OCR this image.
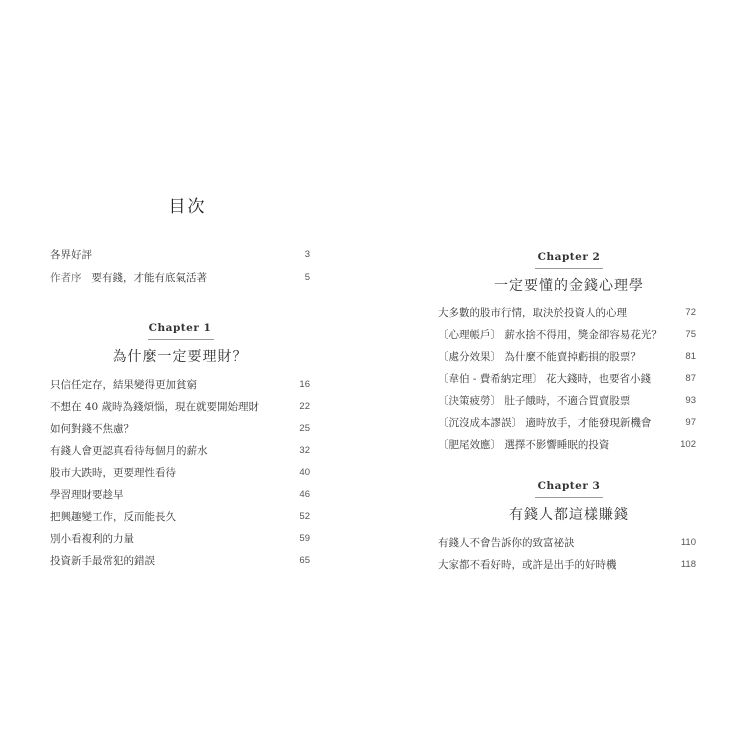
目次
各界好評	3
作者序 要有錢，才能有底氣活著	5
Chapter 1
為什麼一定要理財？
只信任定存，結果變得更加貧窮	16
不想在 40 歲時為錢煩惱，現在就要開始理財	22
如何對錢不焦慮？	25
有錢人會更認真看待每個月的薪水	32
股市大跌時，更要理性看待	40
學習理財要趁早	46
把興趣變工作，反而能長久	52
別小看複利的力量	59
投資新手最常犯的錯誤	65
Chapter 2
一定要懂的金錢心理學
大多數的股市行情，取決於投資人的心理	72
〔心理帳戶〕 薪水捨不得用，獎金卻容易花光？	75
〔處分效果〕 為什麼不能賣掉虧損的股票？	81
〔韋伯 - 費希納定理〕 花大錢時，也要省小錢	87
〔決策疲勞〕 肚子餓時，不適合買賣股票	93
〔沉沒成本謬誤〕 適時放手，才能發現新機會	97
〔肥尾效應〕 選擇不影響睡眠的投資	102
Chapter 3
有錢人都這樣賺錢
有錢人不會告訴你的致富祕訣	110
大家都不看好時，或許是出手的好時機	118
